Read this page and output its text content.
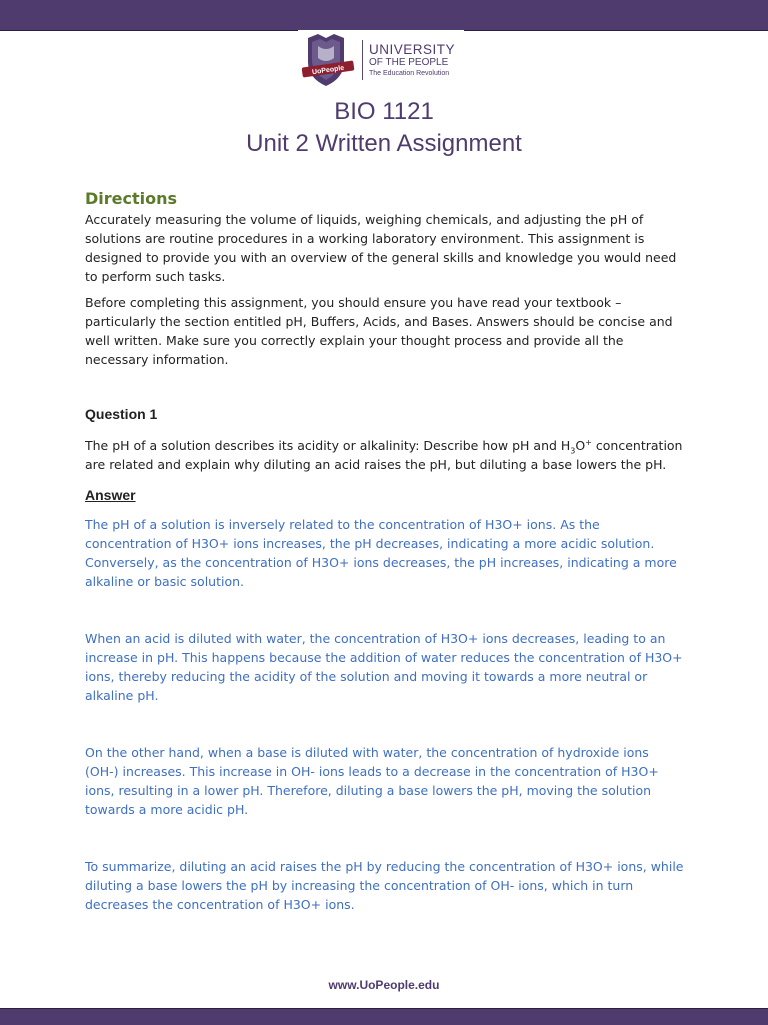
UoPeople
UNIVERSITY
OF THE PEOPLE
The Education Revolution
BIO 1121
Unit 2 Written Assignment
Directions

Accurately measuring the volume of liquids, weighing chemicals, and adjusting the pH of solutions are routine procedures in a working laboratory environment. This assignment is designed to provide you with an overview of the general skills and knowledge you would need to perform such tasks.

Before completing this assignment, you should ensure you have read your textbook – particularly the section entitled pH, Buffers, Acids, and Bases. Answers should be concise and well written. Make sure you correctly explain your thought process and provide all the necessary information.

Question 1

The pH of a solution describes its acidity or alkalinity: Describe how pH and $H_3O^+$ concentration are related and explain why diluting an acid raises the pH, but diluting a base lowers the pH.

Answer

The pH of a solution is inversely related to the concentration of H3O+ ions. As the concentration of H3O+ ions increases, the pH decreases, indicating a more acidic solution. Conversely, as the concentration of H3O+ ions decreases, the pH increases, indicating a more alkaline or basic solution.

When an acid is diluted with water, the concentration of H3O+ ions decreases, leading to an increase in pH. This happens because the addition of water reduces the concentration of H3O+ ions, thereby reducing the acidity of the solution and moving it towards a more neutral or alkaline pH.

On the other hand, when a base is diluted with water, the concentration of hydroxide ions (OH-) increases. This increase in OH- ions leads to a decrease in the concentration of H3O+ ions, resulting in a lower pH. Therefore, diluting a base lowers the pH, moving the solution towards a more acidic pH.

To summarize, diluting an acid raises the pH by reducing the concentration of H3O+ ions, while diluting a base lowers the pH by increasing the concentration of OH- ions, which in turn decreases the concentration of H3O+ ions.

www.UoPeople.edu
